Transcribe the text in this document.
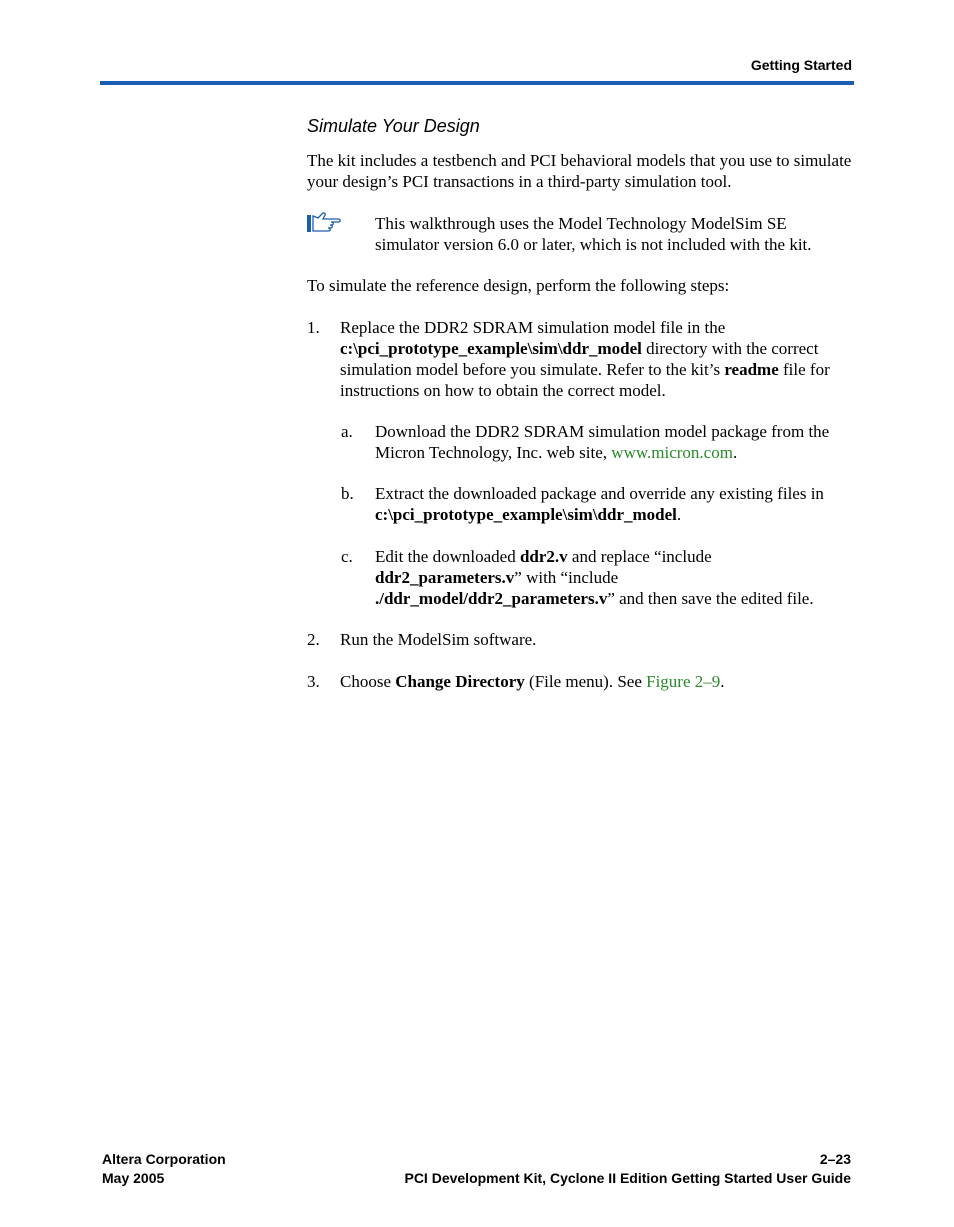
Getting Started
Simulate Your Design
The kit includes a testbench and PCI behavioral models that you use to simulate your design’s PCI transactions in a third-party simulation tool.
This walkthrough uses the Model Technology ModelSim SE simulator version 6.0 or later, which is not included with the kit.
To simulate the reference design, perform the following steps:
1. Replace the DDR2 SDRAM simulation model file in the c:\pci_prototype_example\sim\ddr_model directory with the correct simulation model before you simulate. Refer to the kit’s readme file for instructions on how to obtain the correct model.
a. Download the DDR2 SDRAM simulation model package from the Micron Technology, Inc. web site, www.micron.com.
b. Extract the downloaded package and override any existing files in c:\pci_prototype_example\sim\ddr_model.
c. Edit the downloaded ddr2.v and replace “include
ddr2_parameters.v” with “include
./ddr_model/ddr2_parameters.v” and then save the edited file.
2. Run the ModelSim software.
3. Choose Change Directory (File menu). See Figure 2–9.
Altera Corporation
May 2005
2–23
PCI Development Kit, Cyclone II Edition Getting Started User Guide
